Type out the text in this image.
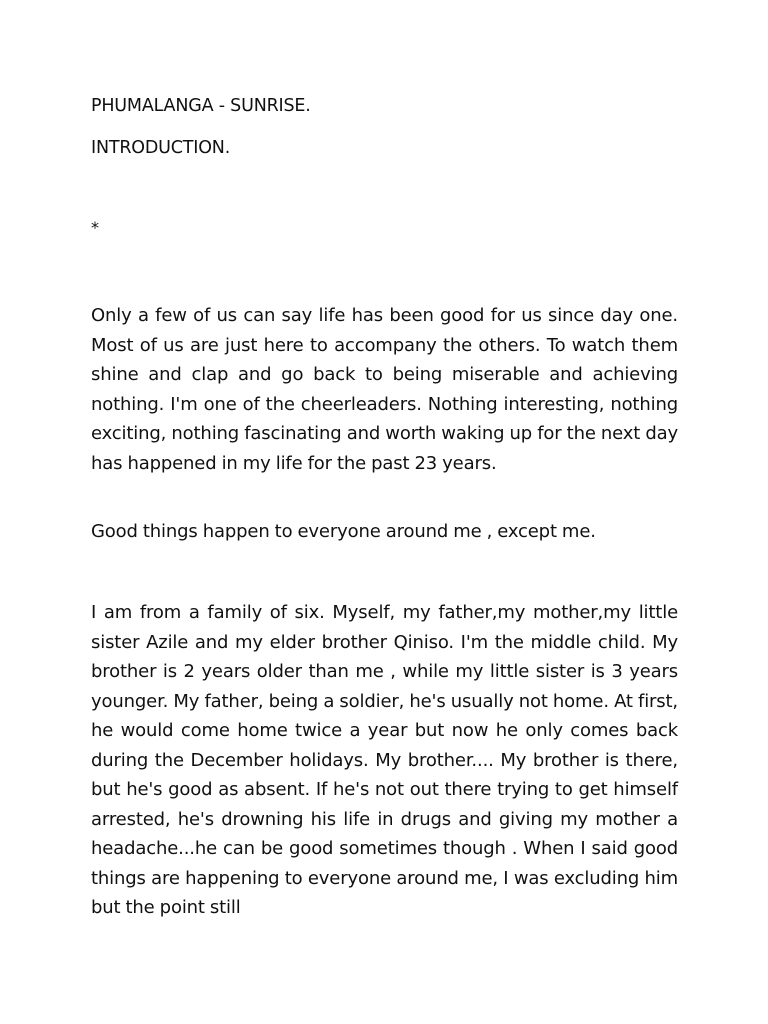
PHUMALANGA - SUNRISE.
INTRODUCTION.
*

Only a few of us can say life has been good for us since day one. Most of us are just here to accompany the others. To watch them shine and clap and go back to being miserable and achieving nothing. I'm one of the cheerleaders. Nothing interesting, nothing exciting, nothing fascinating and worth waking up for the next day has happened in my life for the past 23 years.

Good things happen to everyone around me , except me.

I am from a family of six. Myself, my father,my mother,my little sister Azile and my elder brother Qiniso. I'm the middle child. My brother is 2 years older than me , while my little sister is 3 years younger. My father, being a soldier, he's usually not home. At first, he would come home twice a year but now he only comes back during the December holidays. My brother.... My brother is there, but he's good as absent. If he's not out there trying to get himself arrested, he's drowning his life in drugs and giving my mother a headache...he can be good sometimes though . When I said good things are happening to everyone around me, I was excluding him but the point still
